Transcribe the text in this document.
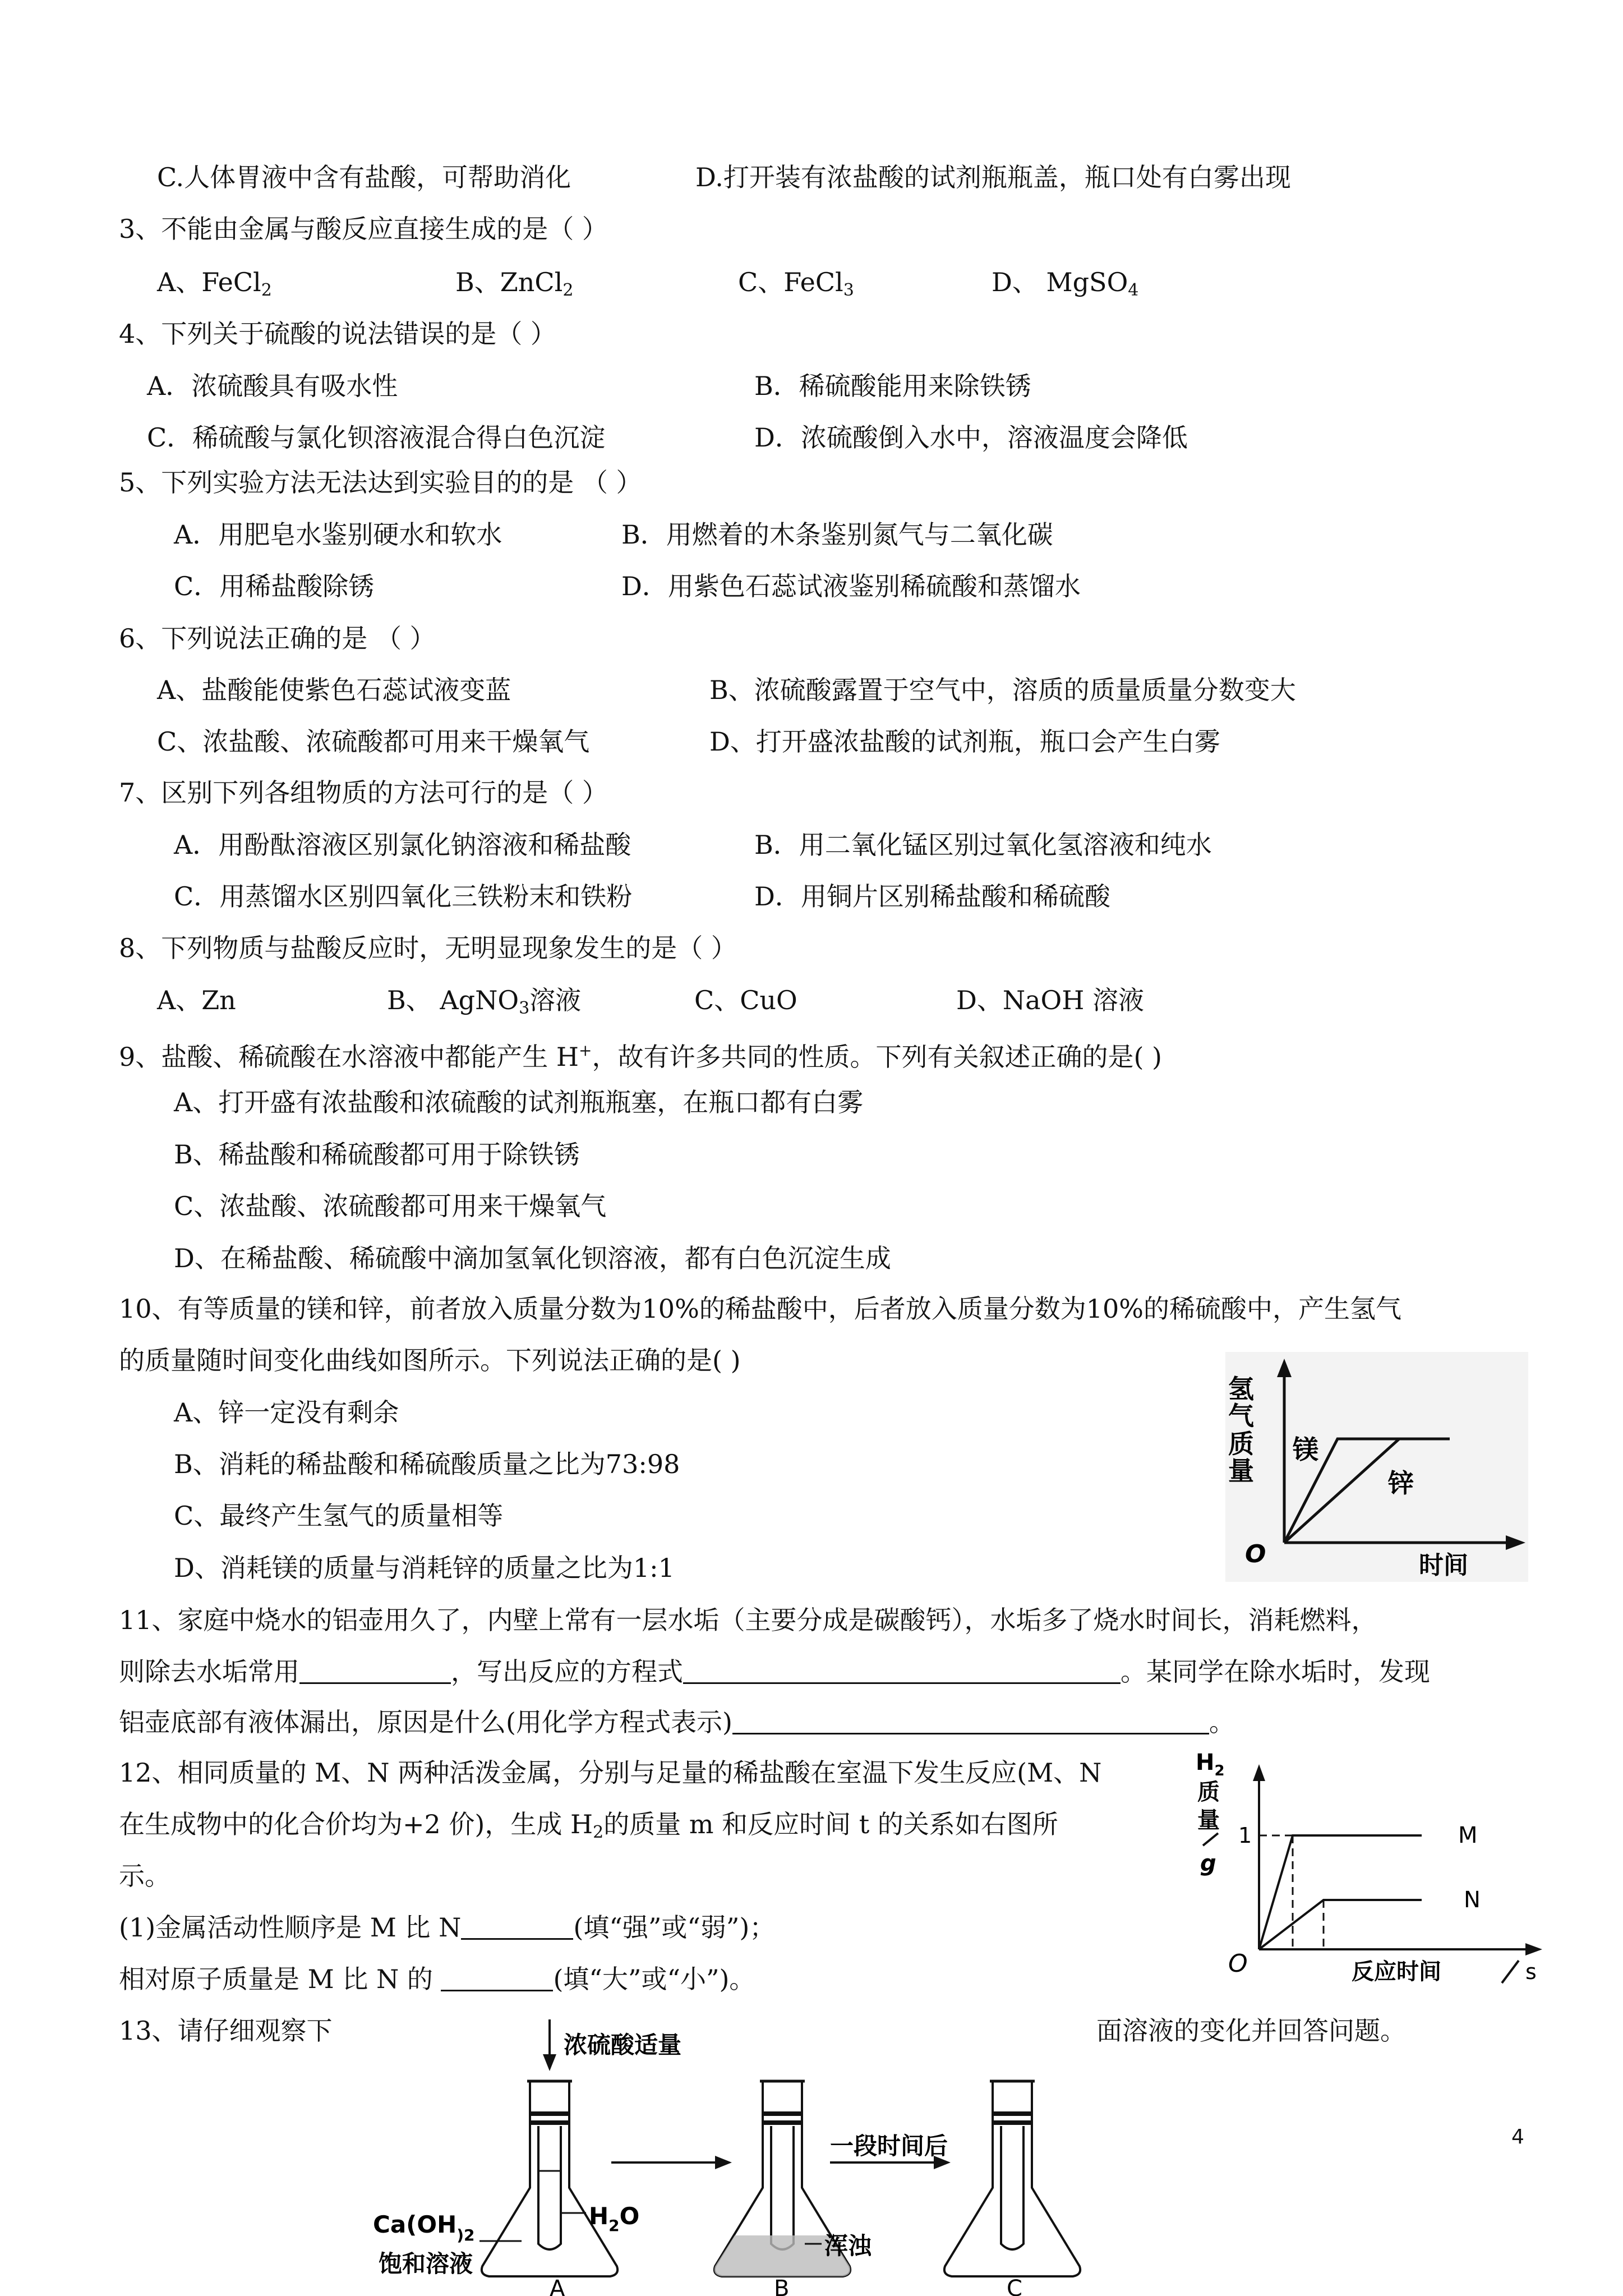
C.人体胃液中含有盐酸，可帮助消化	D.打开装有浓盐酸的试剂瓶瓶盖，瓶口处有白雾出现
3、不能由金属与酸反应直接生成的是（ ）
A、FeCl$_2$	B、ZnCl$_2$	C、FeCl$_3$	D、 MgSO$_4$
4、下列关于硫酸的说法错误的是（ ）
A．浓硫酸具有吸水性	B．稀硫酸能用来除铁锈
C．稀硫酸与氯化钡溶液混合得白色沉淀	D．浓硫酸倒入水中，溶液温度会降低
5、下列实验方法无法达到实验目的的是 （ ）
A．用肥皂水鉴别硬水和软水	B．用燃着的木条鉴别氮气与二氧化碳
C．用稀盐酸除锈	D．用紫色石蕊试液鉴别稀硫酸和蒸馏水
6、下列说法正确的是 （ ）
A、盐酸能使紫色石蕊试液变蓝	B、浓硫酸露置于空气中，溶质的质量质量分数变大
C、浓盐酸、浓硫酸都可用来干燥氧气	D、打开盛浓盐酸的试剂瓶，瓶口会产生白雾
7、区别下列各组物质的方法可行的是（ ）
A．用酚酞溶液区别氯化钠溶液和稀盐酸	B．用二氧化锰区别过氧化氢溶液和纯水
C．用蒸馏水区别四氧化三铁粉末和铁粉	D．用铜片区别稀盐酸和稀硫酸
8、下列物质与盐酸反应时，无明显现象发生的是（ ）
A、Zn	B、 AgNO$_3$溶液	C、CuO	D、NaOH 溶液
9、盐酸、稀硫酸在水溶液中都能产生 H+，故有许多共同的性质。下列有关叙述正确的是( )
A、打开盛有浓盐酸和浓硫酸的试剂瓶瓶塞，在瓶口都有白雾
B、稀盐酸和稀硫酸都可用于除铁锈
C、浓盐酸、浓硫酸都可用来干燥氧气
D、在稀盐酸、稀硫酸中滴加氢氧化钡溶液，都有白色沉淀生成
10、有等质量的镁和锌，前者放入质量分数为10%的稀盐酸中，后者放入质量分数为10%的稀硫酸中，产生氢气
的质量随时间变化曲线如图所示。下列说法正确的是( )
A、锌一定没有剩余
B、消耗的稀盐酸和稀硫酸质量之比为73:98
C、最终产生氢气的质量相等
D、消耗镁的质量与消耗锌的质量之比为1:1
氢
气
质
量
镁
锌
O	时间
11、家庭中烧水的铝壶用久了，内壁上常有一层水垢（主要分成是碳酸钙），水垢多了烧水时间长，消耗燃料，
则除去水垢常用	，写出反应的方程式	。某同学在除水垢时，发现
铝壶底部有液体漏出，原因是什么(用化学方程式表示)	。
12、相同质量的 M、N 两种活泼金属，分别与足量的稀盐酸在室温下发生反应(M、N
在生成物中的化合价均为+2 价)，生成 $H_2$的质量 m 和反应时间 t 的关系如右图所
示。
(1)金属活动性顺序是 M 比 N	(填“强”或“弱”)；
相对原子质量是 M 比 N 的	(填“大”或“小”)。
$H_2$
质
量
g
1
O	反应时间	s
M
N
13、请仔细观察下	面溶液的变化并回答问题。
4
浓硫酸适量
$Ca(OH_{)2}$
饱和溶液
$H_2O$
A
浑浊
B
一段时间后
C
